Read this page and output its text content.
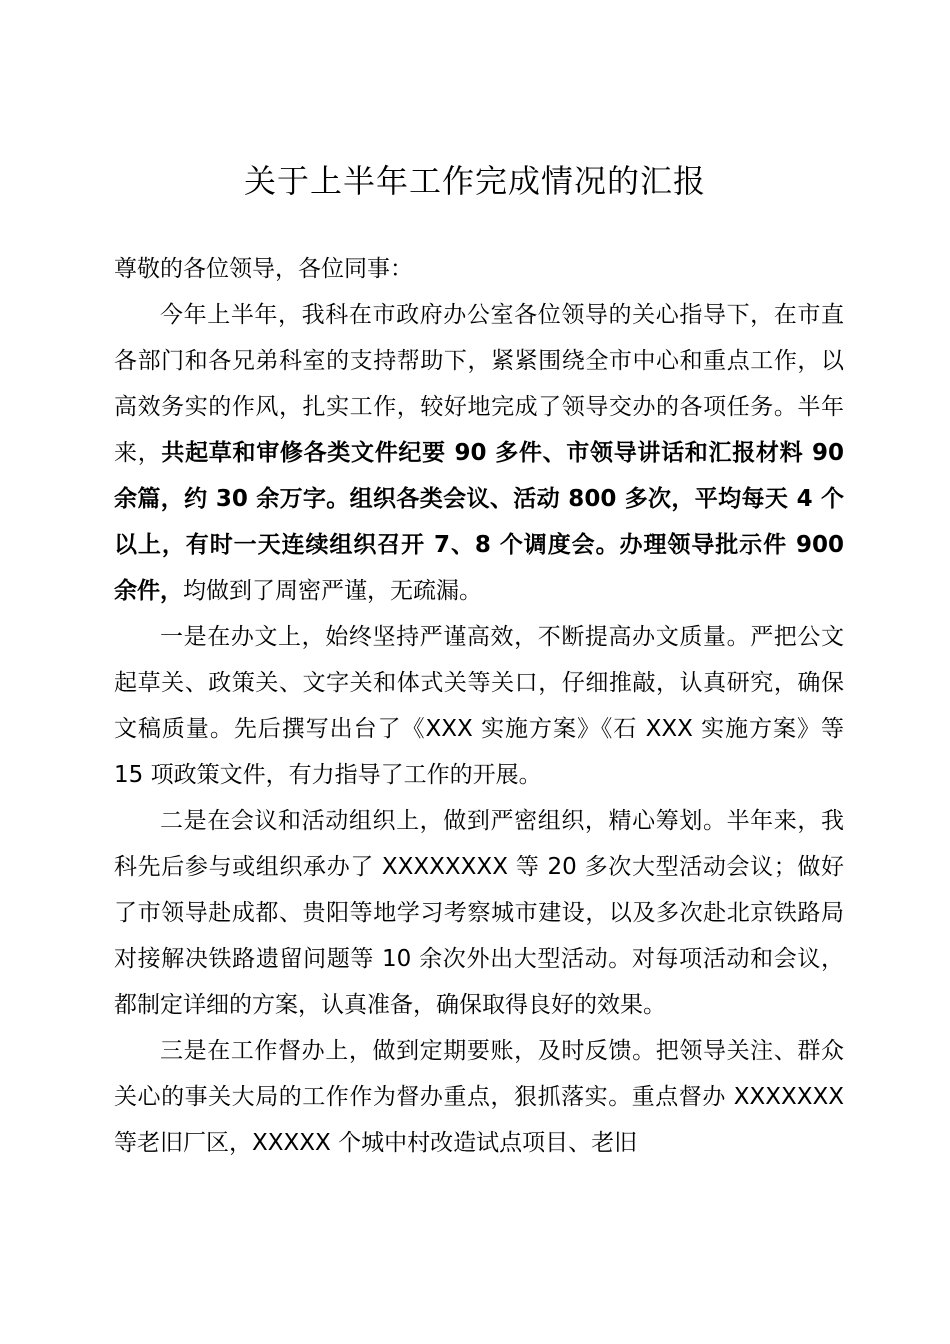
关于上半年工作完成情况的汇报

尊敬的各位领导，各位同事：

今年上半年，我科在市政府办公室各位领导的关心指导下，在市直各部门和各兄弟科室的支持帮助下，紧紧围绕全市中心和重点工作，以高效务实的作风，扎实工作，较好地完成了领导交办的各项任务。半年来，共起草和审修各类文件纪要 90 多件、市领导讲话和汇报材料 90 余篇，约 30 余万字。组织各类会议、活动 800 多次，平均每天 4 个以上，有时一天连续组织召开 7、8 个调度会。办理领导批示件 900 余件，均做到了周密严谨，无疏漏。

一是在办文上，始终坚持严谨高效，不断提高办文质量。严把公文起草关、政策关、文字关和体式关等关口，仔细推敲，认真研究，确保文稿质量。先后撰写出台了《XXX 实施方案》《石 XXX 实施方案》等 15 项政策文件，有力指导了工作的开展。

二是在会议和活动组织上，做到严密组织，精心筹划。半年来，我科先后参与或组织承办了 XXXXXXXX 等 20 多次大型活动会议；做好了市领导赴成都、贵阳等地学习考察城市建设，以及多次赴北京铁路局对接解决铁路遗留问题等 10 余次外出大型活动。对每项活动和会议，都制定详细的方案，认真准备，确保取得良好的效果。

三是在工作督办上，做到定期要账，及时反馈。把领导关注、群众关心的事关大局的工作作为督办重点，狠抓落实。重点督办 XXXXXXX 等老旧厂区，XXXXX 个城中村改造试点项目、老旧
